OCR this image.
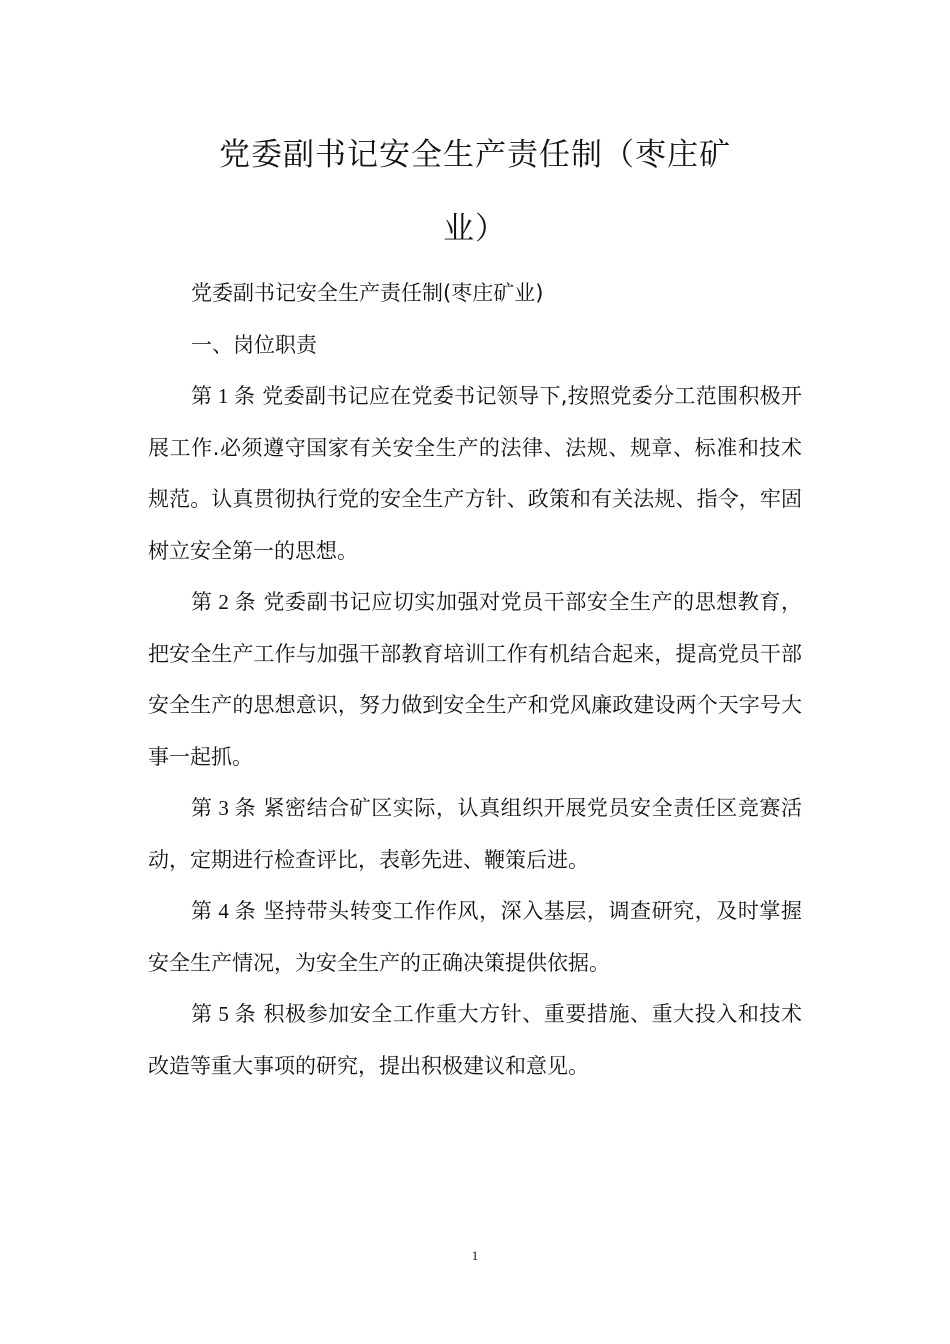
党委副书记安全生产责任制（枣庄矿
业）

党委副书记安全生产责任制(枣庄矿业)

一、岗位职责

第 1 条 党委副书记应在党委书记领导下,按照党委分工范围积极开展工作.必须遵守国家有关安全生产的法律、法规、规章、标准和技术规范。认真贯彻执行党的安全生产方针、政策和有关法规、指令，牢固树立安全第一的思想。

第 2 条 党委副书记应切实加强对党员干部安全生产的思想教育，把安全生产工作与加强干部教育培训工作有机结合起来，提高党员干部安全生产的思想意识，努力做到安全生产和党风廉政建设两个天字号大事一起抓。

第 3 条 紧密结合矿区实际，认真组织开展党员安全责任区竞赛活动，定期进行检查评比，表彰先进、鞭策后进。

第 4 条 坚持带头转变工作作风，深入基层，调查研究，及时掌握安全生产情况，为安全生产的正确决策提供依据。

第 5 条 积极参加安全工作重大方针、重要措施、重大投入和技术改造等重大事项的研究，提出积极建议和意见。

1
